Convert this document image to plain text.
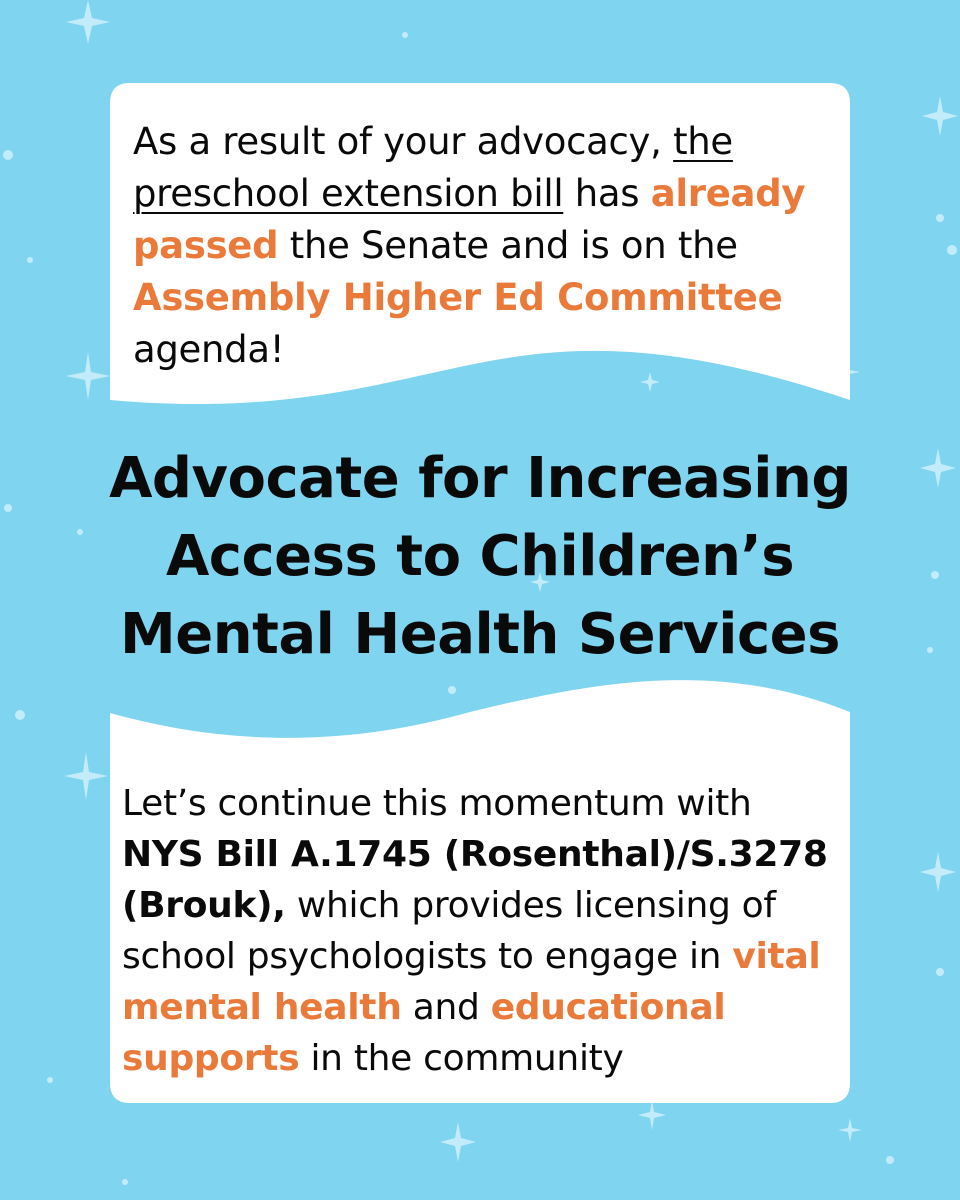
As a result of your advocacy, the preschool extension bill has already passed the Senate and is on the Assembly Higher Ed Committee agenda!

Advocate for Increasing
Access to Children’s
Mental Health Services

Let’s continue this momentum with NYS Bill A.1745 (Rosenthal)/S.3278 (Brouk), which provides licensing of school psychologists to engage in vital mental health and educational supports in the community
